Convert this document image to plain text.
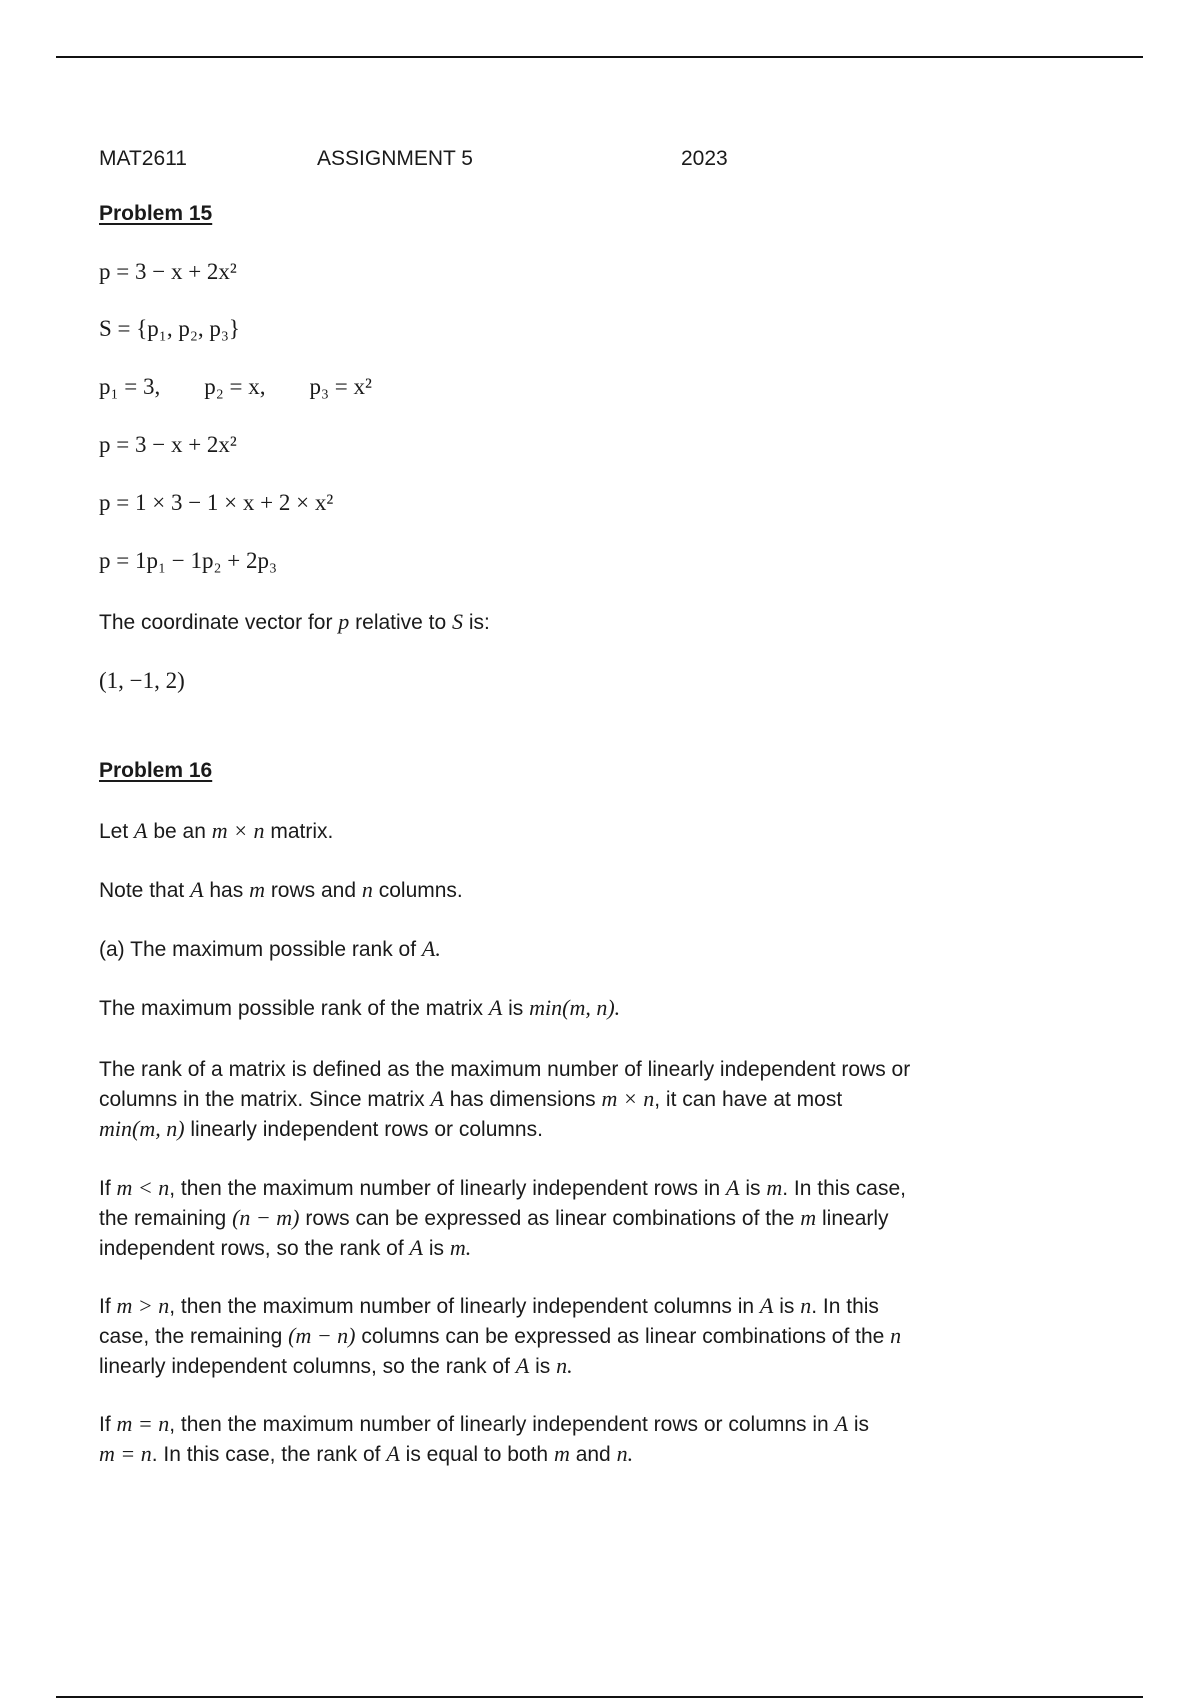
MAT2611	ASSIGNMENT 5	2023
Problem 15
p = 3 − x + 2x²
S = {p₁, p₂, p₃}
p₁ = 3, p₂ = x, p₃ = x²
p = 3 − x + 2x²
p = 1 × 3 − 1 × x + 2 × x²
p = 1p₁ − 1p₂ + 2p₃
The coordinate vector for p relative to S is:
(1, −1, 2)
Problem 16
Let A be an m × n matrix.
Note that A has m rows and n columns.
(a) The maximum possible rank of A.
The maximum possible rank of the matrix A is min(m, n).
The rank of a matrix is defined as the maximum number of linearly independent rows or
columns in the matrix. Since matrix A has dimensions m × n, it can have at most
min(m, n) linearly independent rows or columns.
If m < n, then the maximum number of linearly independent rows in A is m. In this case,
the remaining (n − m) rows can be expressed as linear combinations of the m linearly
independent rows, so the rank of A is m.
If m > n, then the maximum number of linearly independent columns in A is n. In this
case, the remaining (m − n) columns can be expressed as linear combinations of the n
linearly independent columns, so the rank of A is n.
If m = n, then the maximum number of linearly independent rows or columns in A is
m = n. In this case, the rank of A is equal to both m and n.
